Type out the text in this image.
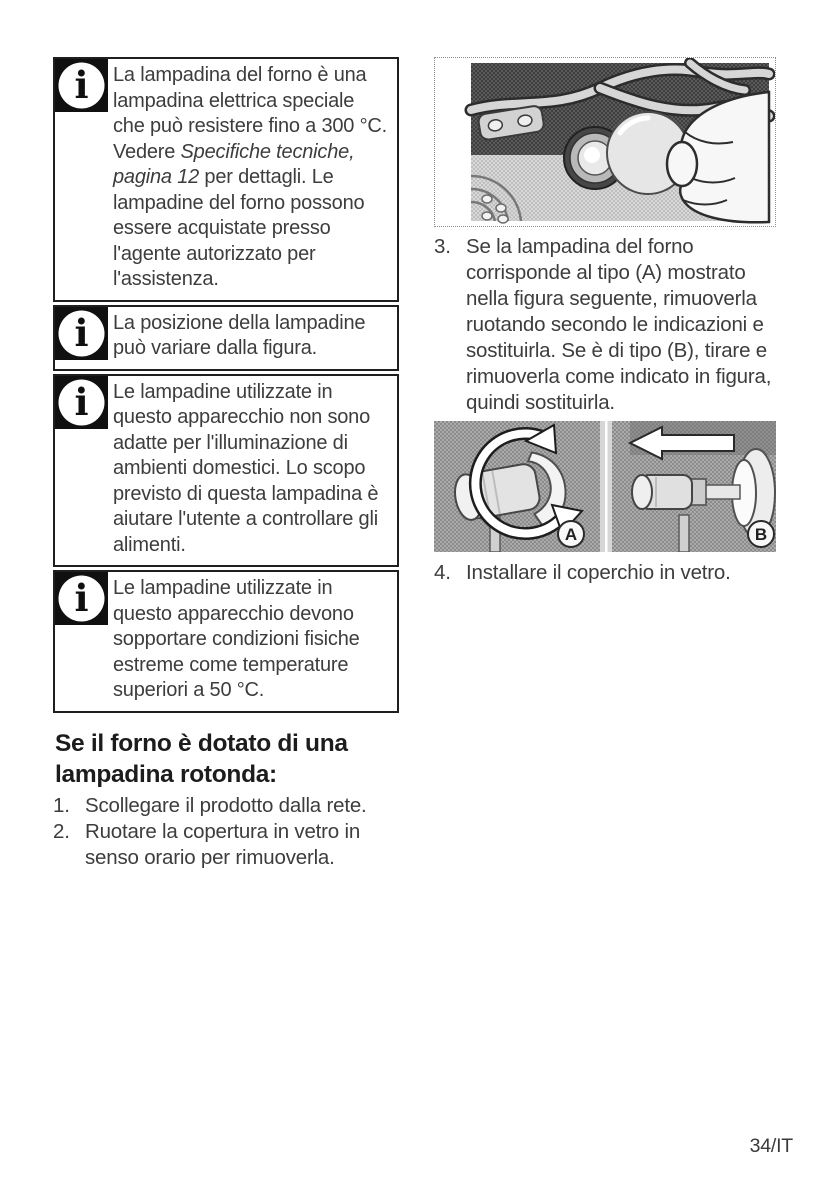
i La lampadina del forno è una lampadina elettrica speciale che può resistere fino a 300 °C. Vedere Specifiche tecniche, pagina 12 per dettagli. Le lampadine del forno possono essere acquistate presso l'agente autorizzato per l'assistenza.
i La posizione della lampadine può variare dalla figura.
i Le lampadine utilizzate in questo apparecchio non sono adatte per l'illuminazione di ambienti domestici. Lo scopo previsto di questa lampadina è aiutare l'utente a controllare gli alimenti.
i Le lampadine utilizzate in questo apparecchio devono sopportare condizioni fisiche estreme come temperature superiori a 50 °C.
Se il forno è dotato di una lampadina rotonda:
1. Scollegare il prodotto dalla rete.
2. Ruotare la copertura in vetro in senso orario per rimuoverla.
3. Se la lampadina del forno corrisponde al tipo (A) mostrato nella figura seguente, rimuoverla ruotando secondo le indicazioni e sostituirla. Se è di tipo (B), tirare e rimuoverla come indicato in figura, quindi sostituirla.
A	B
4. Installare il coperchio in vetro.
34/IT
